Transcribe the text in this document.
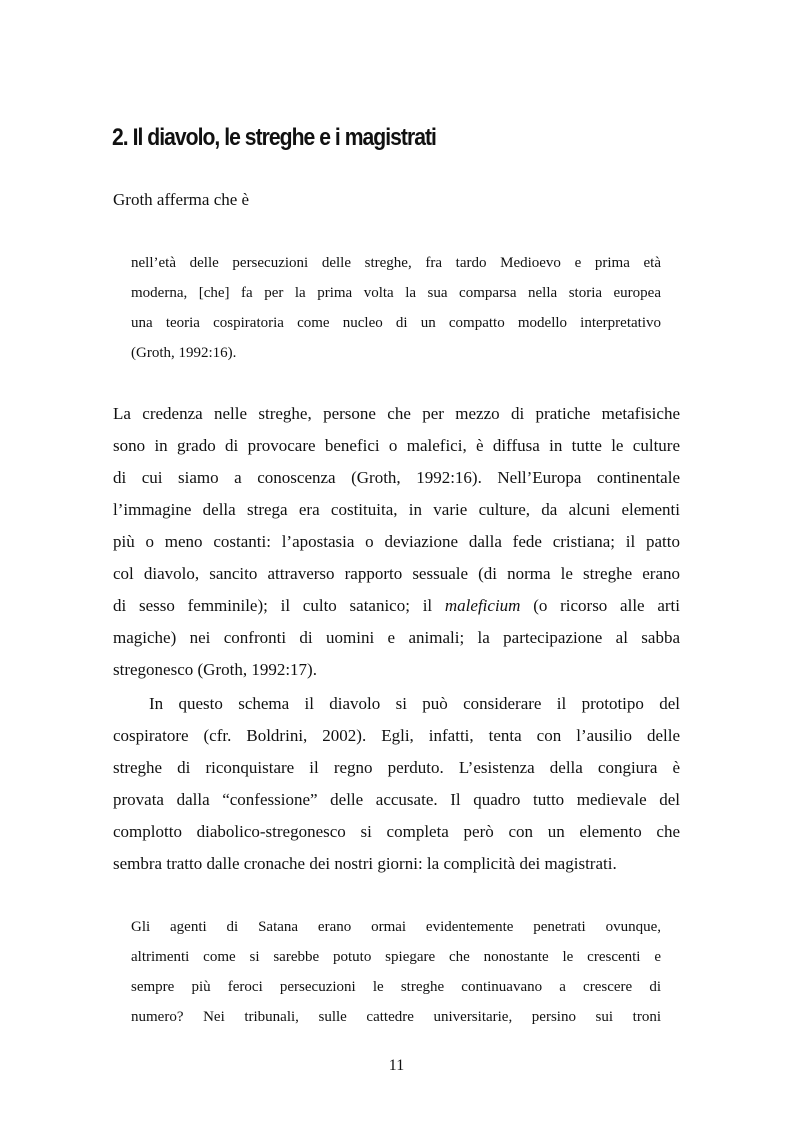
2. Il diavolo, le streghe e i magistrati

Groth afferma che è

nell’età delle persecuzioni delle streghe, fra tardo Medioevo e prima età
moderna, [che] fa per la prima volta la sua comparsa nella storia europea
una teoria cospiratoria come nucleo di un compatto modello interpretativo
(Groth, 1992:16).
La credenza nelle streghe, persone che per mezzo di pratiche metafisiche
sono in grado di provocare benefici o malefici, è diffusa in tutte le culture
di cui siamo a conoscenza (Groth, 1992:16). Nell’Europa continentale
l’immagine della strega era costituita, in varie culture, da alcuni elementi
più o meno costanti: l’apostasia o deviazione dalla fede cristiana; il patto
col diavolo, sancito attraverso rapporto sessuale (di norma le streghe erano
di sesso femminile); il culto satanico; il maleficium (o ricorso alle arti
magiche) nei confronti di uomini e animali; la partecipazione al sabba
stregonesco (Groth, 1992:17).
In questo schema il diavolo si può considerare il prototipo del
cospiratore (cfr. Boldrini, 2002). Egli, infatti, tenta con l’ausilio delle
streghe di riconquistare il regno perduto. L’esistenza della congiura è
provata dalla “confessione” delle accusate. Il quadro tutto medievale del
complotto diabolico-stregonesco si completa però con un elemento che
sembra tratto dalle cronache dei nostri giorni: la complicità dei magistrati.
Gli agenti di Satana erano ormai evidentemente penetrati ovunque,
altrimenti come si sarebbe potuto spiegare che nonostante le crescenti e
sempre più feroci persecuzioni le streghe continuavano a crescere di
numero? Nei tribunali, sulle cattedre universitarie, persino sui troni

11
